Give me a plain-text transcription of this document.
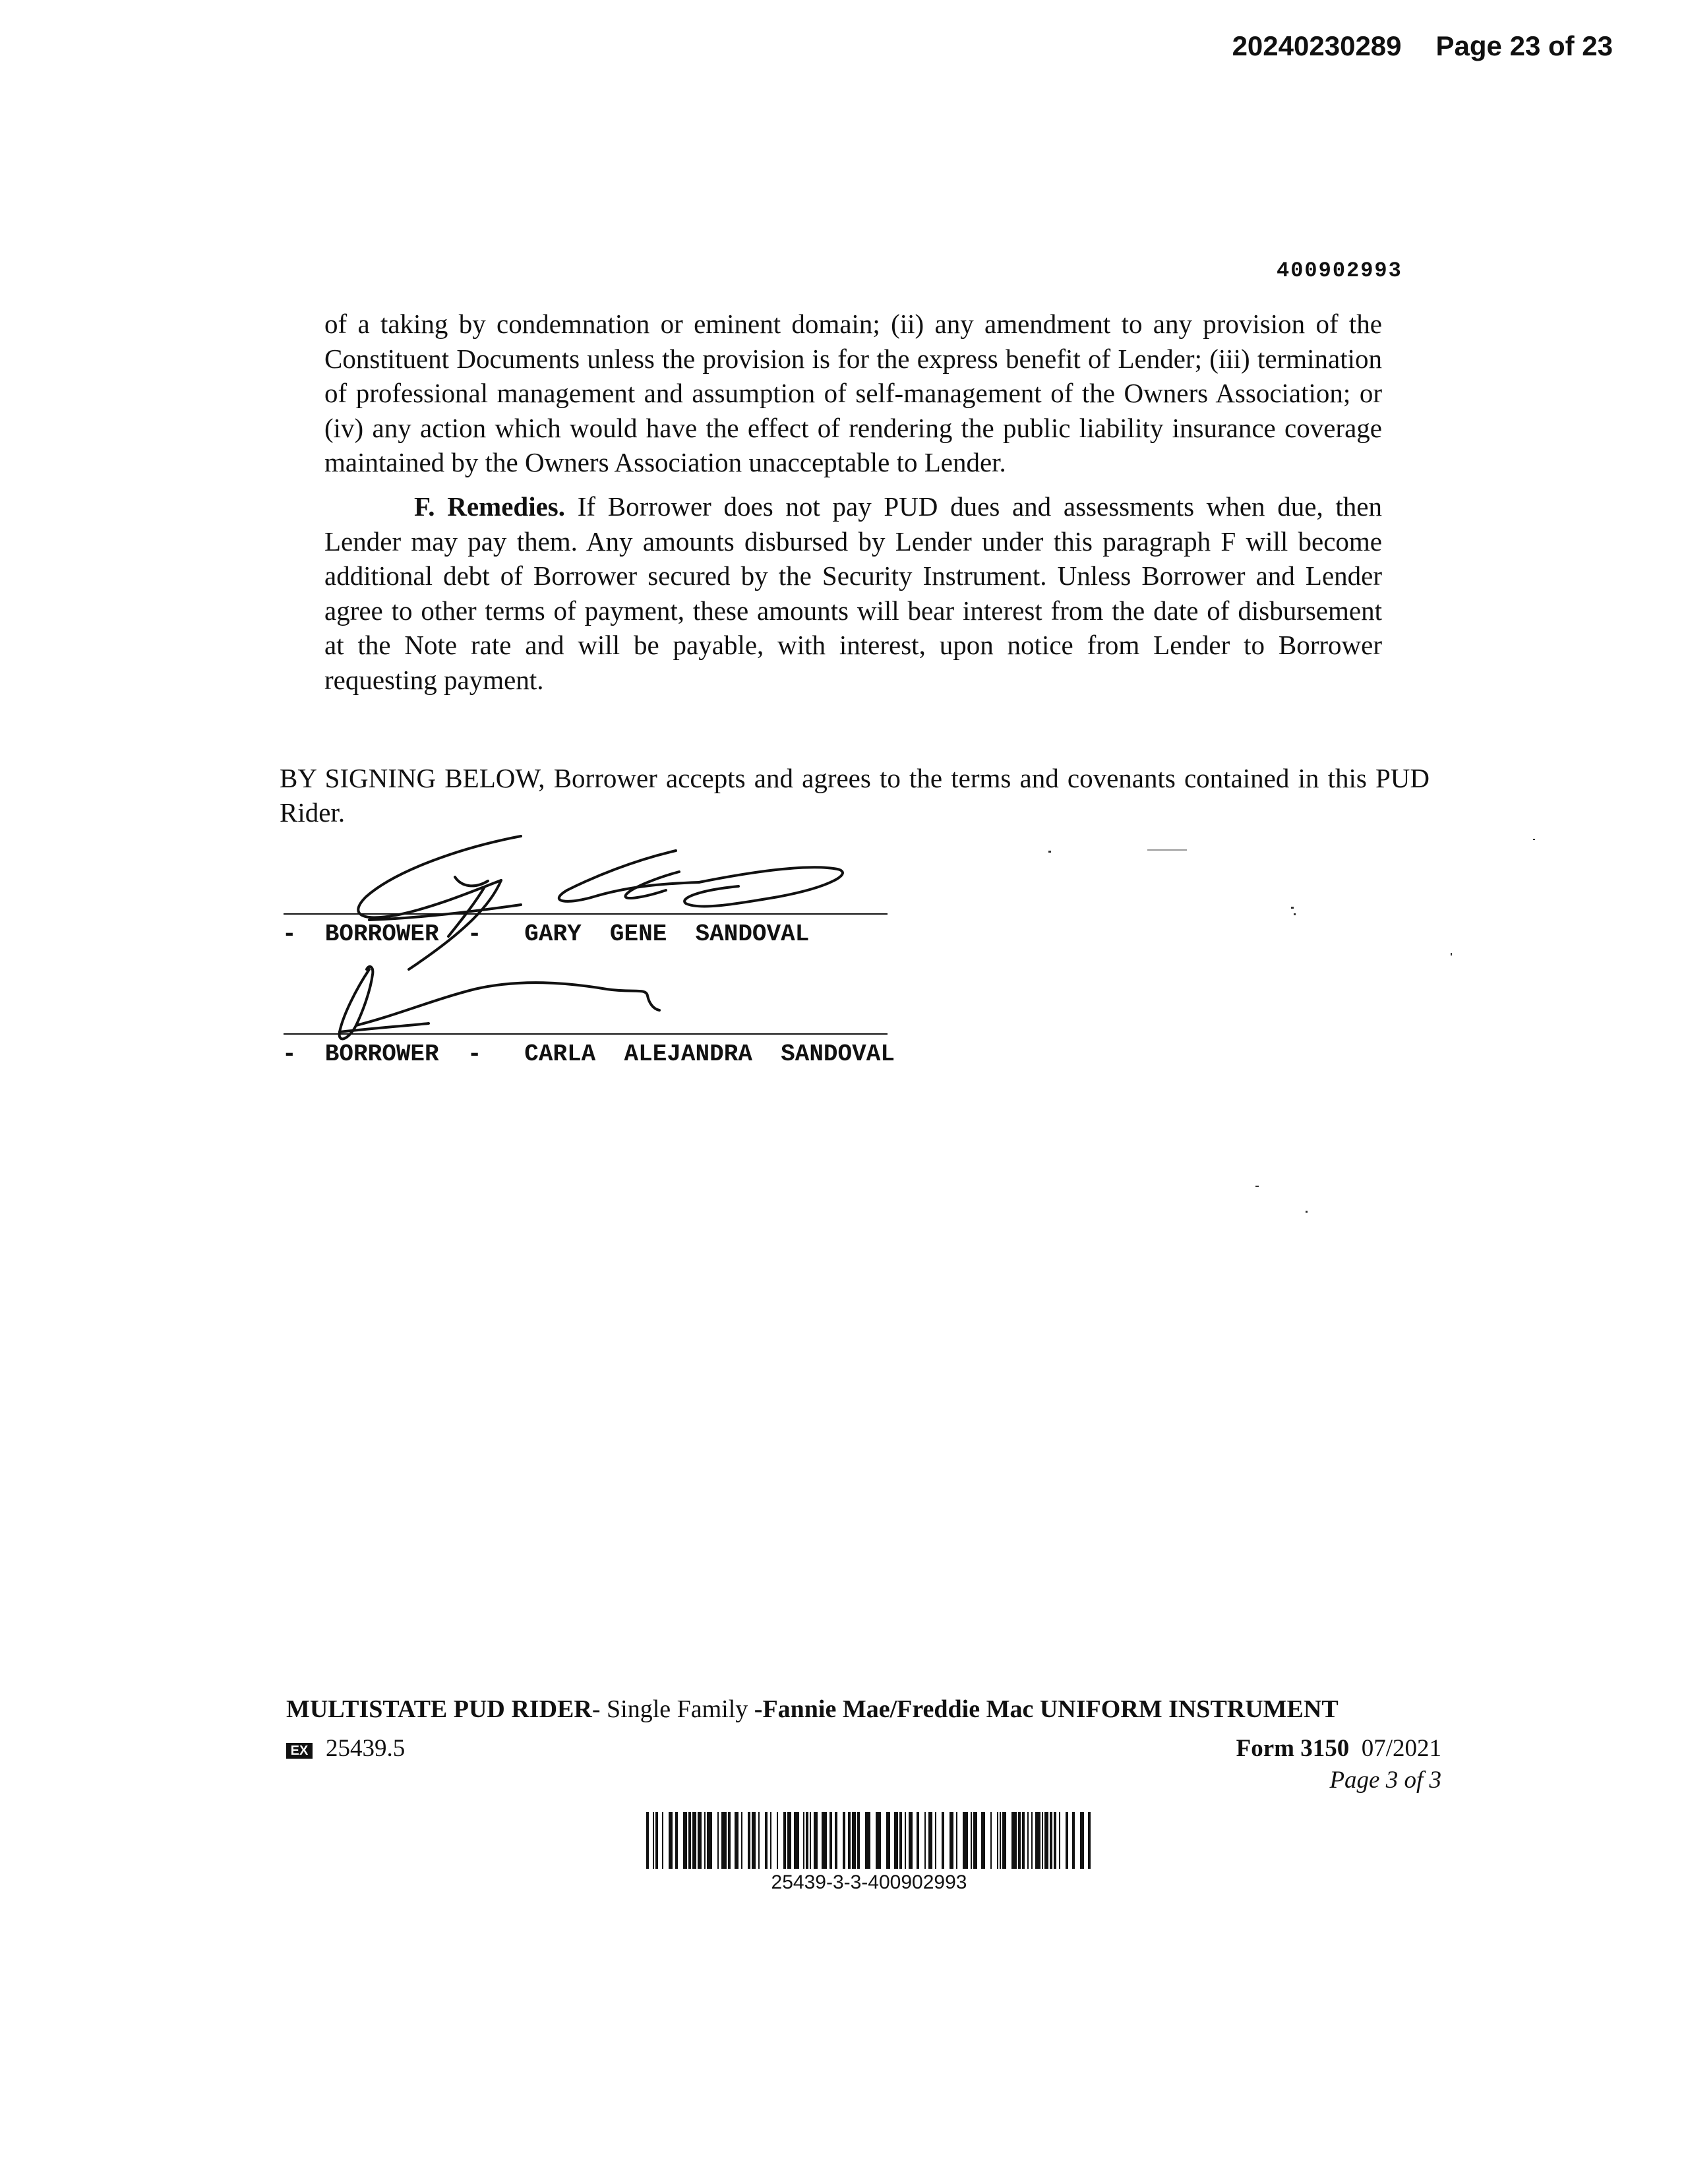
20240230289 Page 23 of 23
400902993

of a taking by condemnation or eminent domain; (ii) any amendment to any provision of the Constituent Documents unless the provision is for the express benefit of Lender; (iii) termination of professional management and assumption of self-management of the Owners Association; or (iv) any action which would have the effect of rendering the public liability insurance coverage maintained by the Owners Association unacceptable to Lender.

F. Remedies. If Borrower does not pay PUD dues and assessments when due, then Lender may pay them. Any amounts disbursed by Lender under this paragraph F will become additional debt of Borrower secured by the Security Instrument. Unless Borrower and Lender agree to other terms of payment, these amounts will bear interest from the date of disbursement at the Note rate and will be payable, with interest, upon notice from Lender to Borrower requesting payment.

BY SIGNING BELOW, Borrower accepts and agrees to the terms and covenants contained in this PUD Rider.

-  BORROWER  -   GARY  GENE  SANDOVAL
-  BORROWER  -   CARLA  ALEJANDRA  SANDOVAL
MULTISTATE PUD RIDER- Single Family -Fannie Mae/Freddie Mac UNIFORM INSTRUMENT
EX 25439.5	Form 3150 07/2021
Page 3 of 3
25439-3-3-400902993
